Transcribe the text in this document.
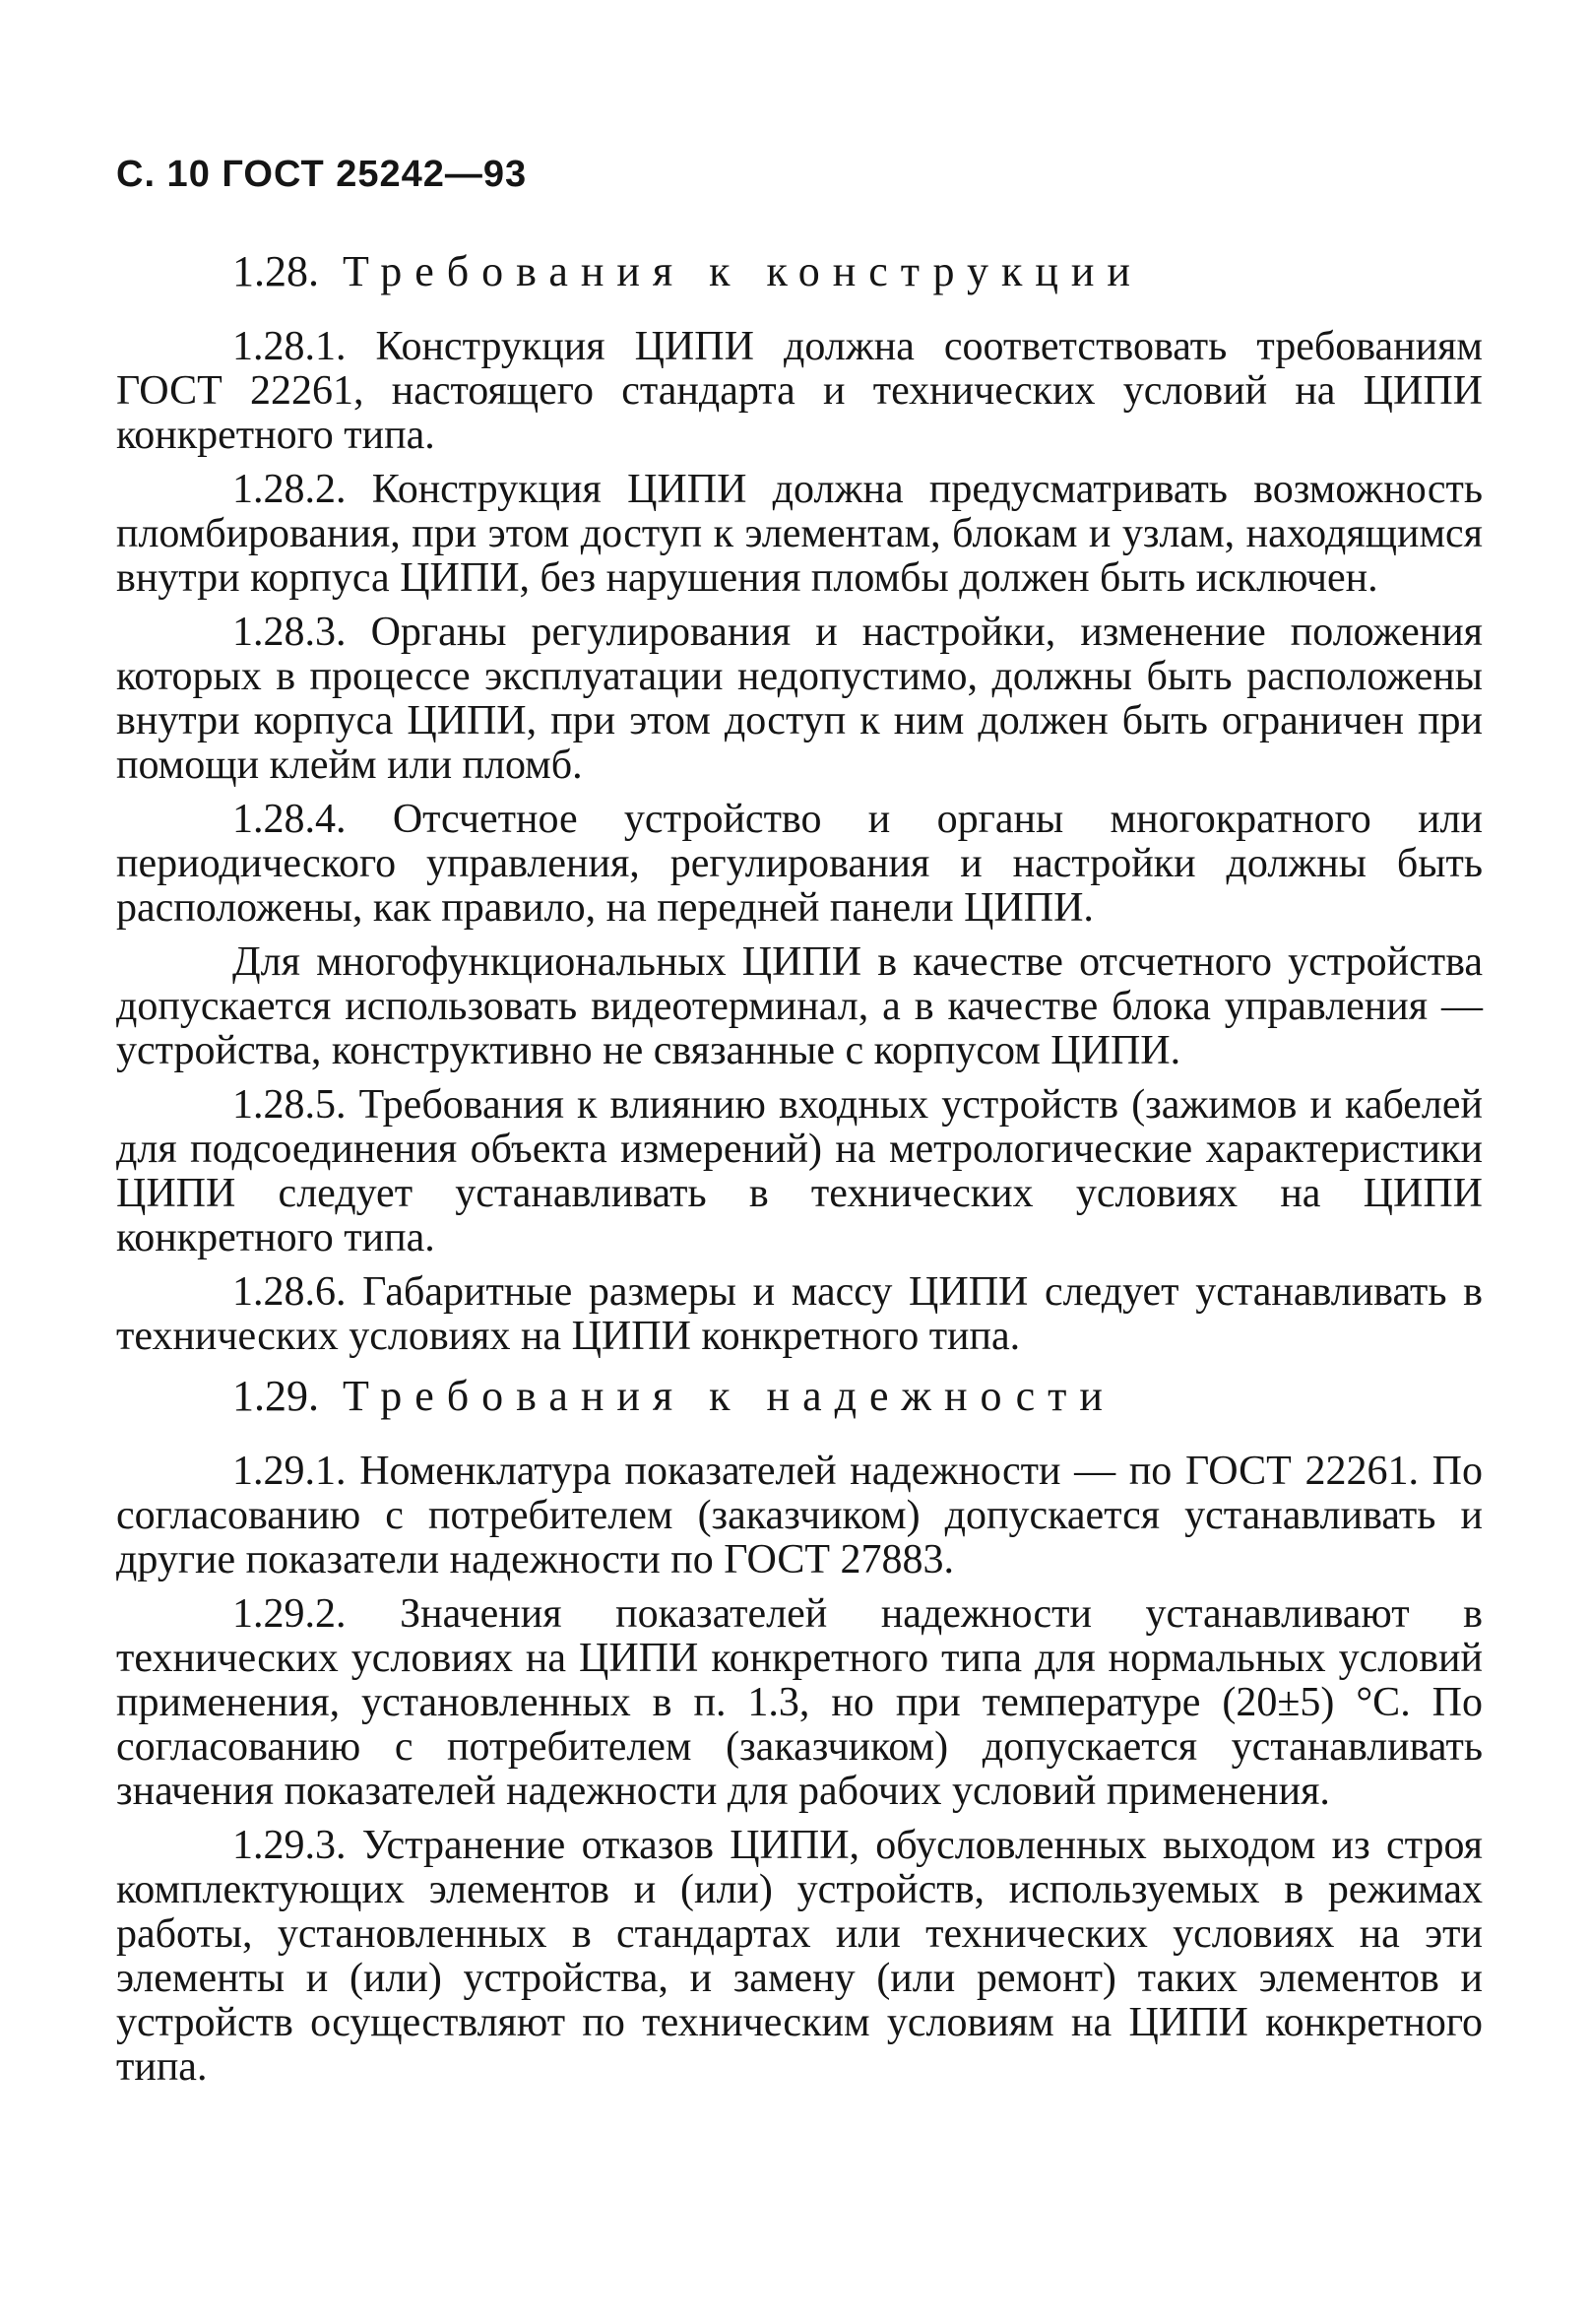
С. 10 ГОСТ 25242—93
1.28. Требования к конструкции

1.28.1. Конструкция ЦИПИ должна соответствовать требованиям ГОСТ 22261, настоящего стандарта и технических условий на ЦИПИ конкретного типа.

1.28.2. Конструкция ЦИПИ должна предусматривать возможность пломбирования, при этом доступ к элементам, блокам и узлам, находящимся внутри корпуса ЦИПИ, без нарушения пломбы должен быть исключен.

1.28.3. Органы регулирования и настройки, изменение положения которых в процессе эксплуатации недопустимо, должны быть расположены внутри корпуса ЦИПИ, при этом доступ к ним должен быть ограничен при помощи клейм или пломб.

1.28.4. Отсчетное устройство и органы многократного или периодического управления, регулирования и настройки должны быть расположены, как правило, на передней панели ЦИПИ.

Для многофункциональных ЦИПИ в качестве отсчетного устройства допускается использовать видеотерминал, а в качестве блока управления — устройства, конструктивно не связанные с корпусом ЦИПИ.

1.28.5. Требования к влиянию входных устройств (зажимов и кабелей для подсоединения объекта измерений) на метрологические характеристики ЦИПИ следует устанавливать в технических условиях на ЦИПИ конкретного типа.

1.28.6. Габаритные размеры и массу ЦИПИ следует устанавливать в технических условиях на ЦИПИ конкретного типа.

1.29. Требования к надежности

1.29.1. Номенклатура показателей надежности — по ГОСТ 22261. По согласованию с потребителем (заказчиком) допускается устанавливать и другие показатели надежности по ГОСТ 27883.

1.29.2. Значения показателей надежности устанавливают в технических условиях на ЦИПИ конкретного типа для нормальных условий применения, установленных в п. 1.3, но при температуре (20±5) °С. По согласованию с потребителем (заказчиком) допускается устанавливать значения показателей надежности для рабочих условий применения.

1.29.3. Устранение отказов ЦИПИ, обусловленных выходом из строя комплектующих элементов и (или) устройств, используемых в режимах работы, установленных в стандартах или технических условиях на эти элементы и (или) устройства, и замену (или ремонт) таких элементов и устройств осуществляют по техническим условиям на ЦИПИ конкретного типа.
